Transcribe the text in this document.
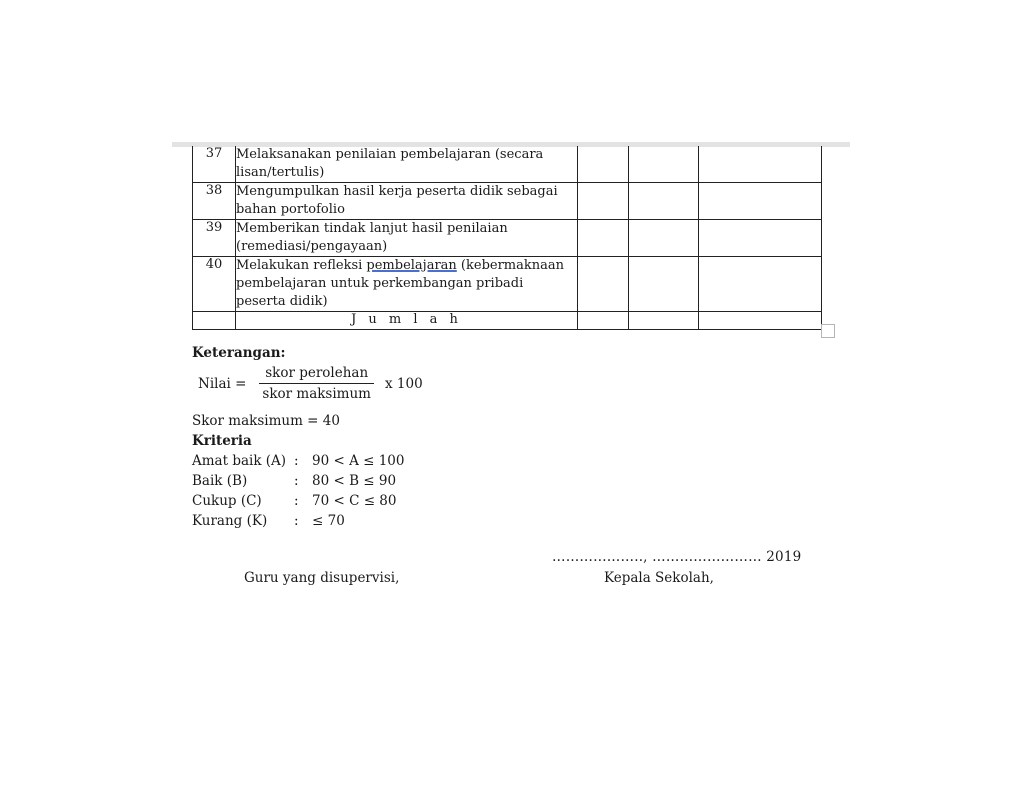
37	Melaksanakan penilaian pembelajaran (secara
lisan/tertulis)			

38	Mengumpulkan hasil kerja peserta didik sebagai
bahan portofolio			

39	Memberikan tindak lanjut hasil penilaian
(remediasi/pengayaan)			

40	Melakukan refleksi pembelajaran (kebermaknaan
pembelajaran untuk perkembangan pribadi
peserta didik)			

	J u m l a h			
Keterangan:
Nilai = $\frac{\text{skor perolehan}}{\text{skor maksimum}}$ x 100
Skor maksimum = 40
Kriteria
Amat baik (A) : 90 < A ≤ 100
Baik (B)	: 80 < B ≤ 90
Cukup (C)	: 70 < C ≤ 80
Kurang (K)	: ≤ 70
……………….., …………………… 2019
Guru yang disupervisi,	Kepala Sekolah,
